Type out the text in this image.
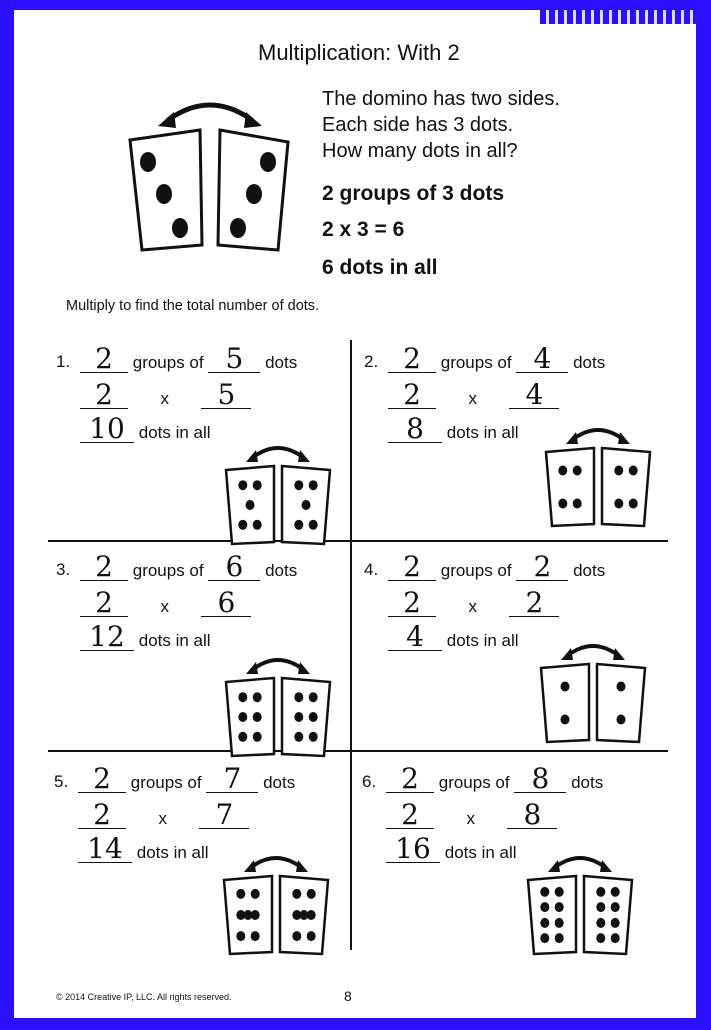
Multiplication: With 2
The domino has two sides.
Each side has 3 dots.
How many dots in all?
2 groups of 3 dots
2 x 3 = 6
6 dots in all
Multiply to find the total number of dots.
1. 2 groups of 5 dots
2	x 5
10 dots in all
2. 2 groups of 4 dots
2	x 4
8 dots in all
3. 2 groups of 6 dots
2	x 6
12 dots in all
4. 2 groups of 2 dots
2	x 2
4 dots in all
5. 2 groups of 7 dots
2	x 7
14 dots in all
6. 2 groups of 8 dots
2	x 8
16 dots in all
© 2014 Creative IP, LLC. All rights reserved.	8
